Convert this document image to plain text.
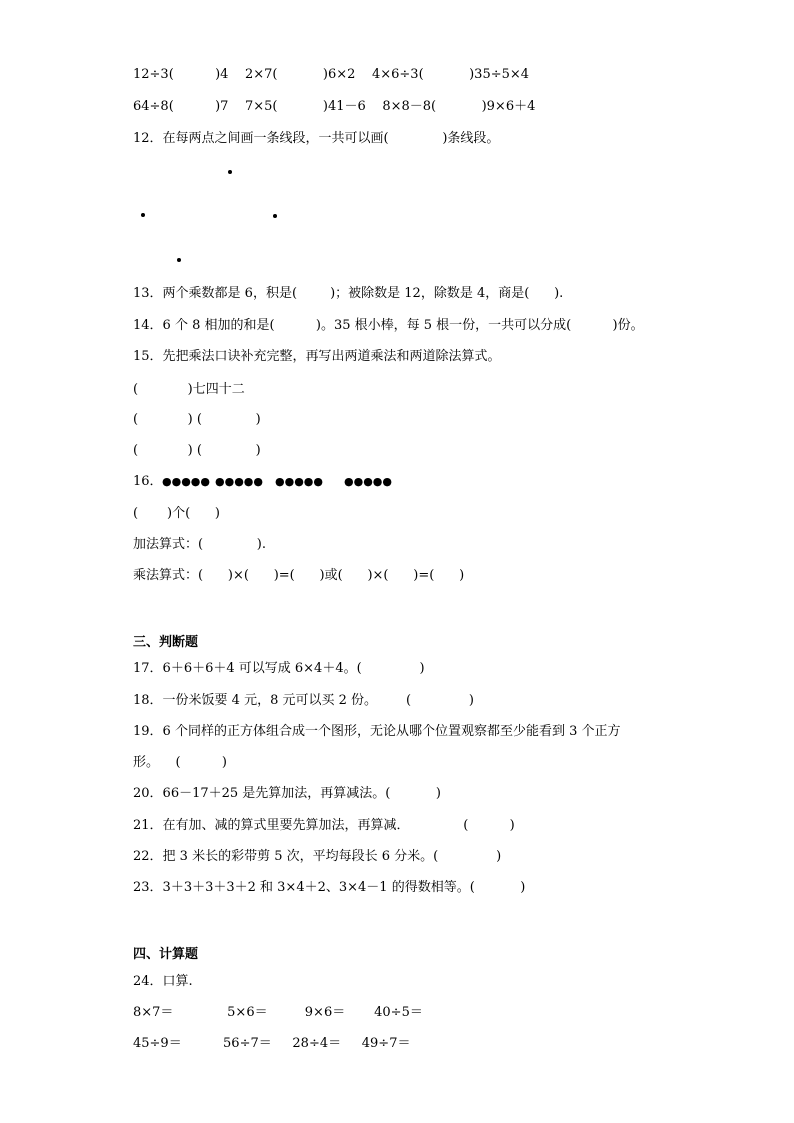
12÷3(          )4    2×7(           )6×2    4×6÷3(           )35÷5×4
64÷8(          )7    7×5(           )41－6    8×8－8(           )9×6＋4
12．在每两点之间画一条线段，一共可以画(             )条线段。
13．两个乘数都是 6，积是(        )；被除数是 12，除数是 4，商是(      ).
14．6 个 8 相加的和是(          )。35 根小棒，每 5 根一份，一共可以分成(          )份。
15．先把乘法口诀补充完整，再写出两道乘法和两道除法算式。
(            )七四十二
(            ) (             )
(            ) (             )
16． ●●●●● ●●●●● ●●●●● ●●●●●
(       )个(      )
加法算式：(             ).
乘法算式：(      )×(      )=(      )或(      )×(      )=(      )
三、判断题
17．6＋6＋6＋4 可以写成 6×4＋4。(              )
18．一份米饭要 4 元，8 元可以买 2 份。       (              )
19．6 个同样的正方体组合成一个图形，无论从哪个位置观察都至少能看到 3 个正方
形。    (          )
20．66－17＋25 是先算加法，再算减法。(           )
21．在有加、减的算式里要先算加法，再算减．             (          )
22．把 3 米长的彩带剪 5 次，平均每段长 6 分米。(              )
23．3＋3＋3＋3＋2 和 3×4＋2、3×4－1 的得数相等。(           )
四、计算题
24．口算.
8×7＝             5×6＝         9×6＝       40÷5＝
45÷9＝          56÷7＝     28÷4＝     49÷7＝
